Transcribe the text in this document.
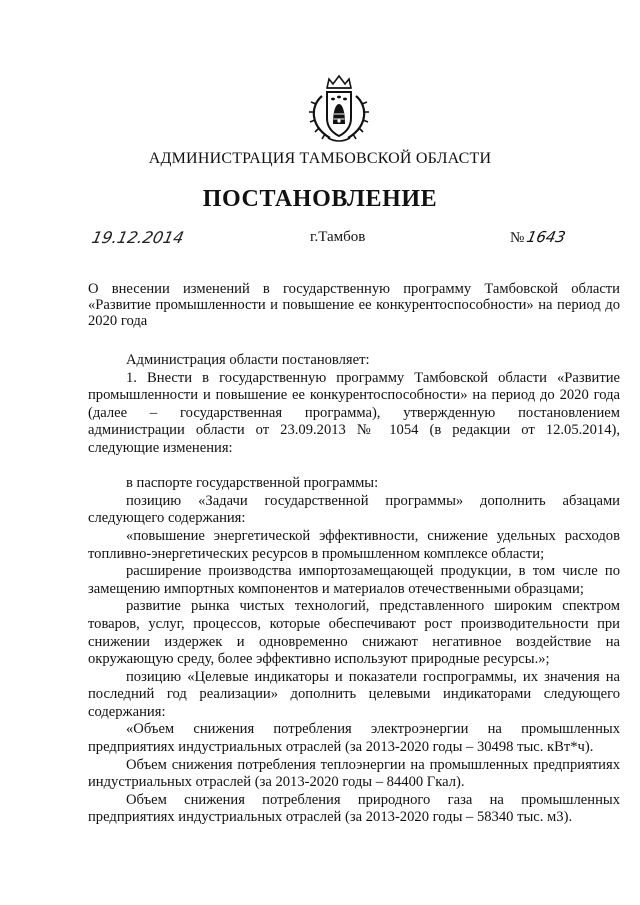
АДМИНИСТРАЦИЯ ТАМБОВСКОЙ ОБЛАСТИ
ПОСТАНОВЛЕНИЕ
19.12.2014	г.Тамбов	№1643
О внесении изменений в государственную программу Тамбовской области «Развитие промышленности и повышение ее конкурентоспособности» на период до 2020 года

Администрация области постановляет:

1. Внести в государственную программу Тамбовской области «Развитие промышленности и повышение ее конкурентоспособности» на период до 2020 года (далее – государственная программа), утвержденную постановлением администрации области от 23.09.2013 № 1054 (в редакции от 12.05.2014), следующие изменения:

в паспорте государственной программы:

позицию «Задачи государственной программы» дополнить абзацами следующего содержания:

«повышение энергетической эффективности, снижение удельных расходов топливно-энергетических ресурсов в промышленном комплексе области;

расширение производства импортозамещающей продукции, в том числе по замещению импортных компонентов и материалов отечественными образцами;

развитие рынка чистых технологий, представленного широким спектром товаров, услуг, процессов, которые обеспечивают рост производительности при снижении издержек и одновременно снижают негативное воздействие на окружающую среду, более эффективно используют природные ресурсы.»;

позицию «Целевые индикаторы и показатели госпрограммы, их значения на последний год реализации» дополнить целевыми индикаторами следующего содержания:

«Объем снижения потребления электроэнергии на промышленных предприятиях индустриальных отраслей (за 2013-2020 годы – 30498 тыс. кВт*ч).

Объем снижения потребления теплоэнергии на промышленных предприятиях индустриальных отраслей (за 2013-2020 годы – 84400 Гкал).

Объем снижения потребления природного газа на промышленных предприятиях индустриальных отраслей (за 2013-2020 годы – 58340 тыс. м3).
